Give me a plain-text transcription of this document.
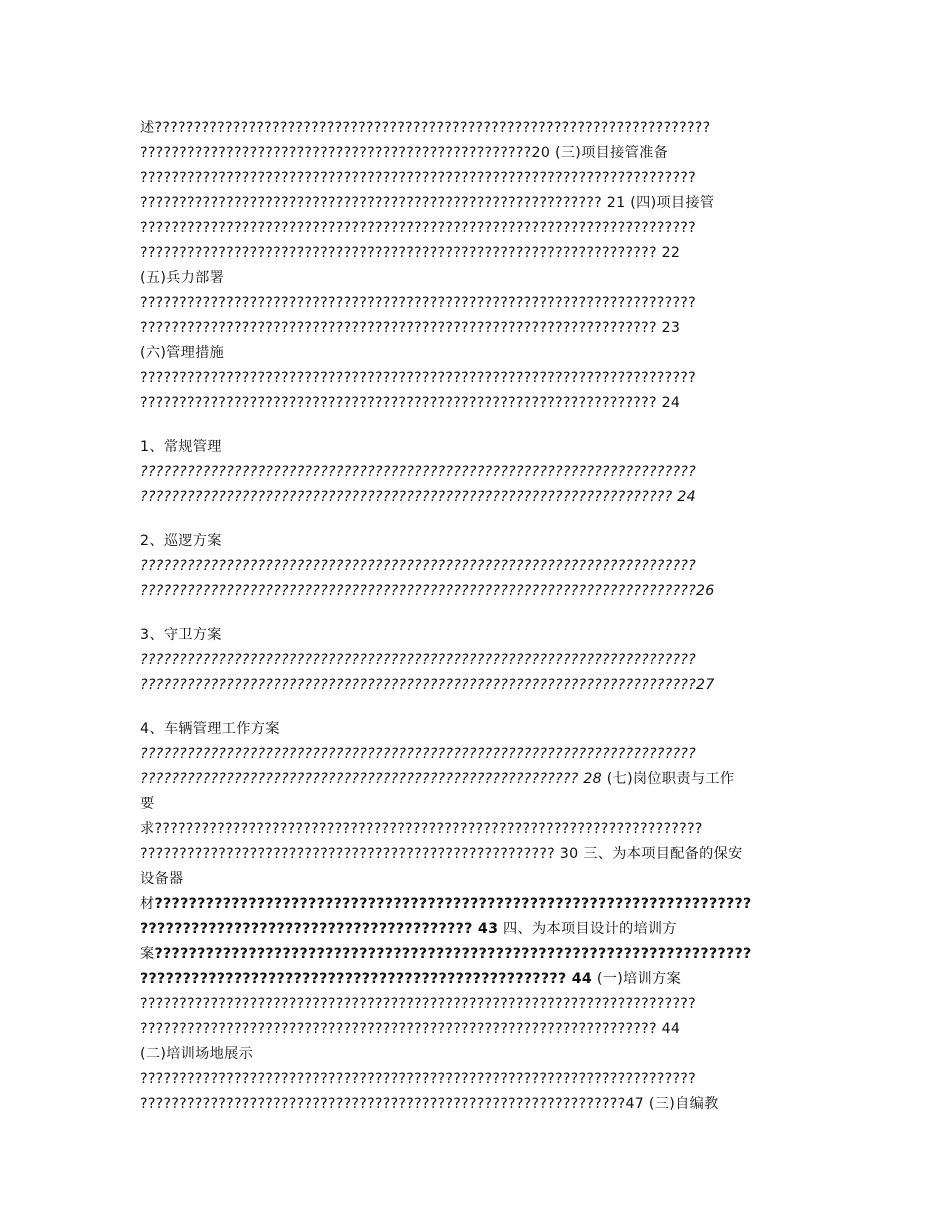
述???????????????????????????????????????????????????????????????????????
??????????????????????????????????????????????????20 (三)项目接管准备
???????????????????????????????????????????????????????????????????????
??????????????????????????????????????????????????????????? 21 (四)项目接管
???????????????????????????????????????????????????????????????????????
?????????????????????????????????????????????????????????????????? 22
(五)兵力部署
???????????????????????????????????????????????????????????????????????
?????????????????????????????????????????????????????????????????? 23
(六)管理措施
???????????????????????????????????????????????????????????????????????
?????????????????????????????????????????????????????????????????? 24
1、常规管理
???????????????????????????????????????????????????????????????????????
???????????????????????????????????????????????????????????????????? 24
2、巡逻方案
???????????????????????????????????????????????????????????????????????
???????????????????????????????????????????????????????????????????????26
3、守卫方案
???????????????????????????????????????????????????????????????????????
???????????????????????????????????????????????????????????????????????27
4、车辆管理工作方案
???????????????????????????????????????????????????????????????????????
???????????????????????????????????????????????????????? 28 (七)岗位职责与工作
要
求??????????????????????????????????????????????????????????????????????
????????????????????????????????????????????????????? 30 三、为本项目配备的保安
设备器
材??????????????????????????????????????????????????????????????????????
??????????????????????????????????????? 43 四、为本项目设计的培训方
案??????????????????????????????????????????????????????????????????????
?????????????????????????????????????????????????? 44 (一)培训方案
???????????????????????????????????????????????????????????????????????
?????????????????????????????????????????????????????????????????? 44
(二)培训场地展示
???????????????????????????????????????????????????????????????????????
??????????????????????????????????????????????????????????????47 (三)自编教
